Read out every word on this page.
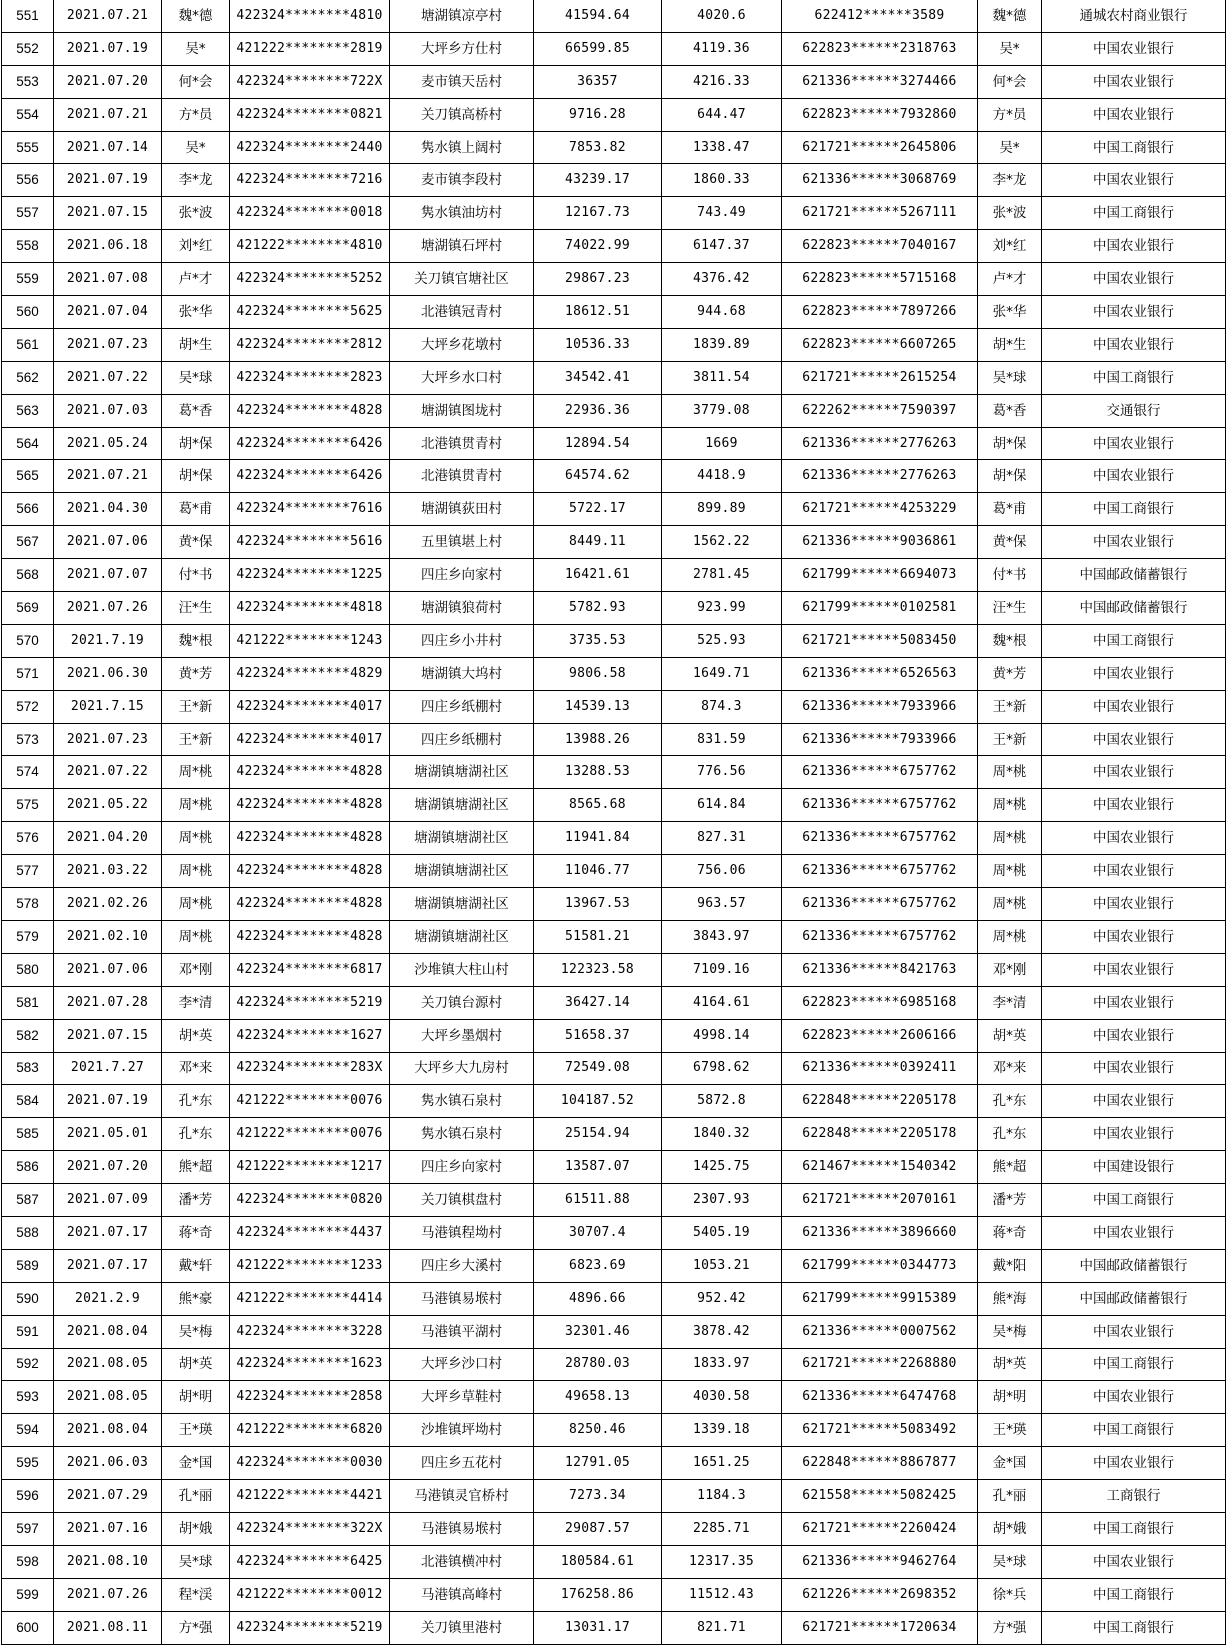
551	2021.07.21	魏*德	422324********4810	塘湖镇凉亭村	41594.64	4020.6	622412******3589	魏*德	通城农村商业银行
552	2021.07.19	吴*	421222********2819	大坪乡方仕村	66599.85	4119.36	622823******2318763	吴*	中国农业银行
553	2021.07.20	何*会	422324********722X	麦市镇天岳村	36357	4216.33	621336******3274466	何*会	中国农业银行
554	2021.07.21	方*员	422324********0821	关刀镇高桥村	9716.28	644.47	622823******7932860	方*员	中国农业银行
555	2021.07.14	吴*	422324********2440	隽水镇上阔村	7853.82	1338.47	621721******2645806	吴*	中国工商银行
556	2021.07.19	李*龙	422324********7216	麦市镇李段村	43239.17	1860.33	621336******3068769	李*龙	中国农业银行
557	2021.07.15	张*波	422324********0018	隽水镇油坊村	12167.73	743.49	621721******5267111	张*波	中国工商银行
558	2021.06.18	刘*红	421222********4810	塘湖镇石坪村	74022.99	6147.37	622823******7040167	刘*红	中国农业银行
559	2021.07.08	卢*才	422324********5252	关刀镇官塘社区	29867.23	4376.42	622823******5715168	卢*才	中国农业银行
560	2021.07.04	张*华	422324********5625	北港镇冠青村	18612.51	944.68	622823******7897266	张*华	中国农业银行
561	2021.07.23	胡*生	422324********2812	大坪乡花墩村	10536.33	1839.89	622823******6607265	胡*生	中国农业银行
562	2021.07.22	吴*球	422324********2823	大坪乡水口村	34542.41	3811.54	621721******2615254	吴*球	中国工商银行
563	2021.07.03	葛*香	422324********4828	塘湖镇图垅村	22936.36	3779.08	622262******7590397	葛*香	交通银行
564	2021.05.24	胡*保	422324********6426	北港镇贯青村	12894.54	1669	621336******2776263	胡*保	中国农业银行
565	2021.07.21	胡*保	422324********6426	北港镇贯青村	64574.62	4418.9	621336******2776263	胡*保	中国农业银行
566	2021.04.30	葛*甫	422324********7616	塘湖镇荻田村	5722.17	899.89	621721******4253229	葛*甫	中国工商银行
567	2021.07.06	黄*保	422324********5616	五里镇堪上村	8449.11	1562.22	621336******9036861	黄*保	中国农业银行
568	2021.07.07	付*书	422324********1225	四庄乡向家村	16421.61	2781.45	621799******6694073	付*书	中国邮政储蓄银行
569	2021.07.26	汪*生	422324********4818	塘湖镇狼荷村	5782.93	923.99	621799******0102581	汪*生	中国邮政储蓄银行
570	2021.7.19	魏*根	421222********1243	四庄乡小井村	3735.53	525.93	621721******5083450	魏*根	中国工商银行
571	2021.06.30	黄*芳	422324********4829	塘湖镇大坞村	9806.58	1649.71	621336******6526563	黄*芳	中国农业银行
572	2021.7.15	王*新	422324********4017	四庄乡纸棚村	14539.13	874.3	621336******7933966	王*新	中国农业银行
573	2021.07.23	王*新	422324********4017	四庄乡纸棚村	13988.26	831.59	621336******7933966	王*新	中国农业银行
574	2021.07.22	周*桃	422324********4828	塘湖镇塘湖社区	13288.53	776.56	621336******6757762	周*桃	中国农业银行
575	2021.05.22	周*桃	422324********4828	塘湖镇塘湖社区	8565.68	614.84	621336******6757762	周*桃	中国农业银行
576	2021.04.20	周*桃	422324********4828	塘湖镇塘湖社区	11941.84	827.31	621336******6757762	周*桃	中国农业银行
577	2021.03.22	周*桃	422324********4828	塘湖镇塘湖社区	11046.77	756.06	621336******6757762	周*桃	中国农业银行
578	2021.02.26	周*桃	422324********4828	塘湖镇塘湖社区	13967.53	963.57	621336******6757762	周*桃	中国农业银行
579	2021.02.10	周*桃	422324********4828	塘湖镇塘湖社区	51581.21	3843.97	621336******6757762	周*桃	中国农业银行
580	2021.07.06	邓*刚	422324********6817	沙堆镇大柱山村	122323.58	7109.16	621336******8421763	邓*刚	中国农业银行
581	2021.07.28	李*清	422324********5219	关刀镇台源村	36427.14	4164.61	622823******6985168	李*清	中国农业银行
582	2021.07.15	胡*英	422324********1627	大坪乡墨烟村	51658.37	4998.14	622823******2606166	胡*英	中国农业银行
583	2021.7.27	邓*来	422324********283X	大坪乡大九房村	72549.08	6798.62	621336******0392411	邓*来	中国农业银行
584	2021.07.19	孔*东	421222********0076	隽水镇石泉村	104187.52	5872.8	622848******2205178	孔*东	中国农业银行
585	2021.05.01	孔*东	421222********0076	隽水镇石泉村	25154.94	1840.32	622848******2205178	孔*东	中国农业银行
586	2021.07.20	熊*超	421222********1217	四庄乡向家村	13587.07	1425.75	621467******1540342	熊*超	中国建设银行
587	2021.07.09	潘*芳	422324********0820	关刀镇棋盘村	61511.88	2307.93	621721******2070161	潘*芳	中国工商银行
588	2021.07.17	蒋*奇	422324********4437	马港镇程坳村	30707.4	5405.19	621336******3896660	蒋*奇	中国农业银行
589	2021.07.17	戴*轩	421222********1233	四庄乡大溪村	6823.69	1053.21	621799******0344773	戴*阳	中国邮政储蓄银行
590	2021.2.9	熊*豪	421222********4414	马港镇易堠村	4896.66	952.42	621799******9915389	熊*海	中国邮政储蓄银行
591	2021.08.04	吴*梅	422324********3228	马港镇平湖村	32301.46	3878.42	621336******0007562	吴*梅	中国农业银行
592	2021.08.05	胡*英	422324********1623	大坪乡沙口村	28780.03	1833.97	621721******2268880	胡*英	中国工商银行
593	2021.08.05	胡*明	422324********2858	大坪乡草鞋村	49658.13	4030.58	621336******6474768	胡*明	中国农业银行
594	2021.08.04	王*瑛	421222********6820	沙堆镇坪坳村	8250.46	1339.18	621721******5083492	王*瑛	中国工商银行
595	2021.06.03	金*国	422324********0030	四庄乡五花村	12791.05	1651.25	622848******8867877	金*国	中国农业银行
596	2021.07.29	孔*丽	421222********4421	马港镇灵官桥村	7273.34	1184.3	621558******5082425	孔*丽	工商银行
597	2021.07.16	胡*娥	422324********322X	马港镇易堠村	29087.57	2285.71	621721******2260424	胡*娥	中国工商银行
598	2021.08.10	吴*球	422324********6425	北港镇横冲村	180584.61	12317.35	621336******9462764	吴*球	中国农业银行
599	2021.07.26	程*渓	421222********0012	马港镇高峰村	176258.86	11512.43	621226******2698352	徐*兵	中国工商银行
600	2021.08.11	方*强	422324********5219	关刀镇里港村	13031.17	821.71	621721******1720634	方*强	中国工商银行
